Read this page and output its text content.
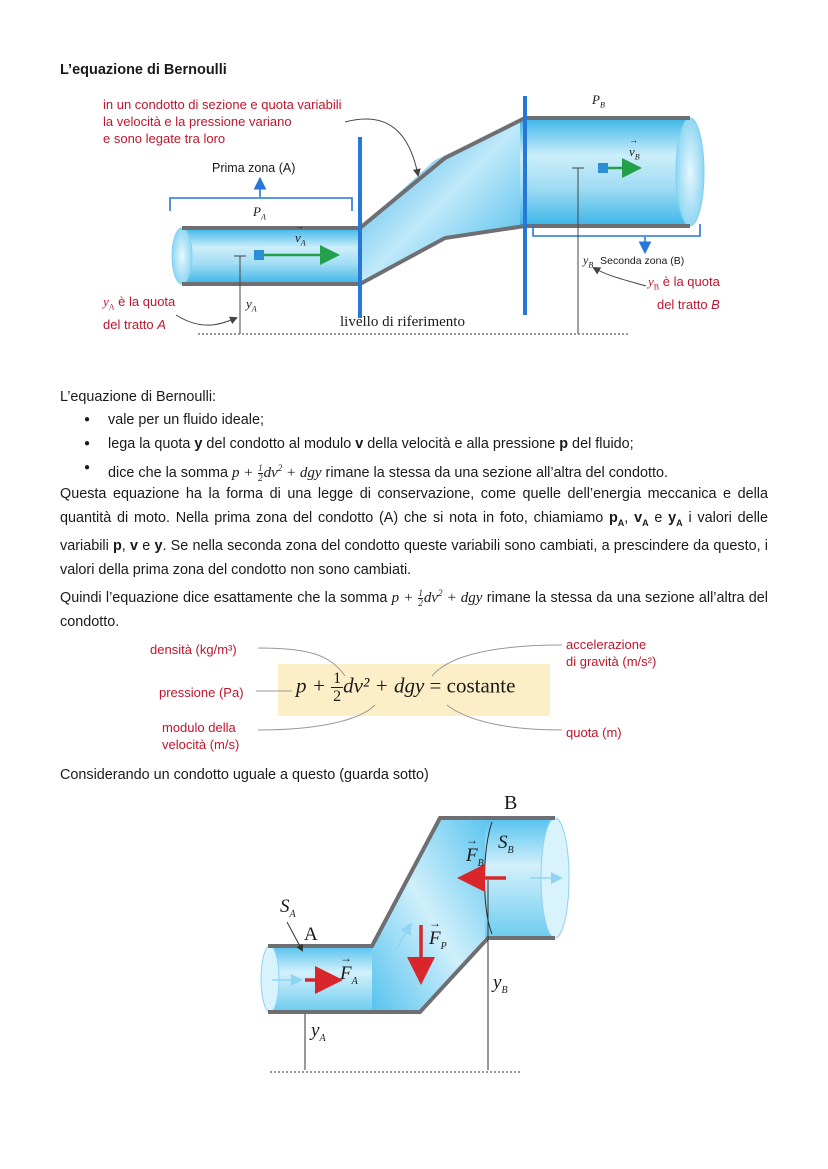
L’equazione di Bernoulli
in un condotto di sezione e quota variabili
la velocità e la pressione variano
e sono legate tra loro
Prima zona (A)
$y_B$ Seconda zona (B)
$P_A$
$P_B$
→
$v_A$
→
$v_B$
$y_A$
$y_A$ è la quota
del tratto A
$y_B$ è la quota
del tratto B
livello di riferimento
L’equazione di Bernoulli:
● vale per un fluido ideale;
● lega la quota y del condotto al modulo v della velocità e alla pressione p del fluido;
● dice che la somma $p + \frac{1}{2} dv^2$ + dgy rimane la stessa da una sezione all’altra del condotto.
Questa equazione ha la forma di una legge di conservazione, come quelle dell’energia meccanica e della quantità di moto. Nella prima zona del condotto (A) che si nota in foto, chiamiamo $p_A$, $v_A$ e $y_A$ i valori delle variabili p, v e y. Se nella seconda zona del condotto queste variabili sono cambiati, a prescindere da questo, i valori della prima zona del condotto non sono cambiati.
Quindi l’equazione dice esattamente che la somma $p + \frac{1}{2} dv^2$ + dgy rimane la stessa da una sezione all’altra del condotto.
densità (kg/m³)
pressione (Pa)
modulo della
velocità (m/s)
accelerazione
di gravità (m/s²)
quota (m)
$p + \frac{1}{2} dv^2$ + dgy = costante
Considerando un condotto uguale a questo (guarda sotto)
B
A
$S_A$
$S_B$
→
$F_A$
→
$F_B$
→
$F_P$
$y_A$
$y_B$
